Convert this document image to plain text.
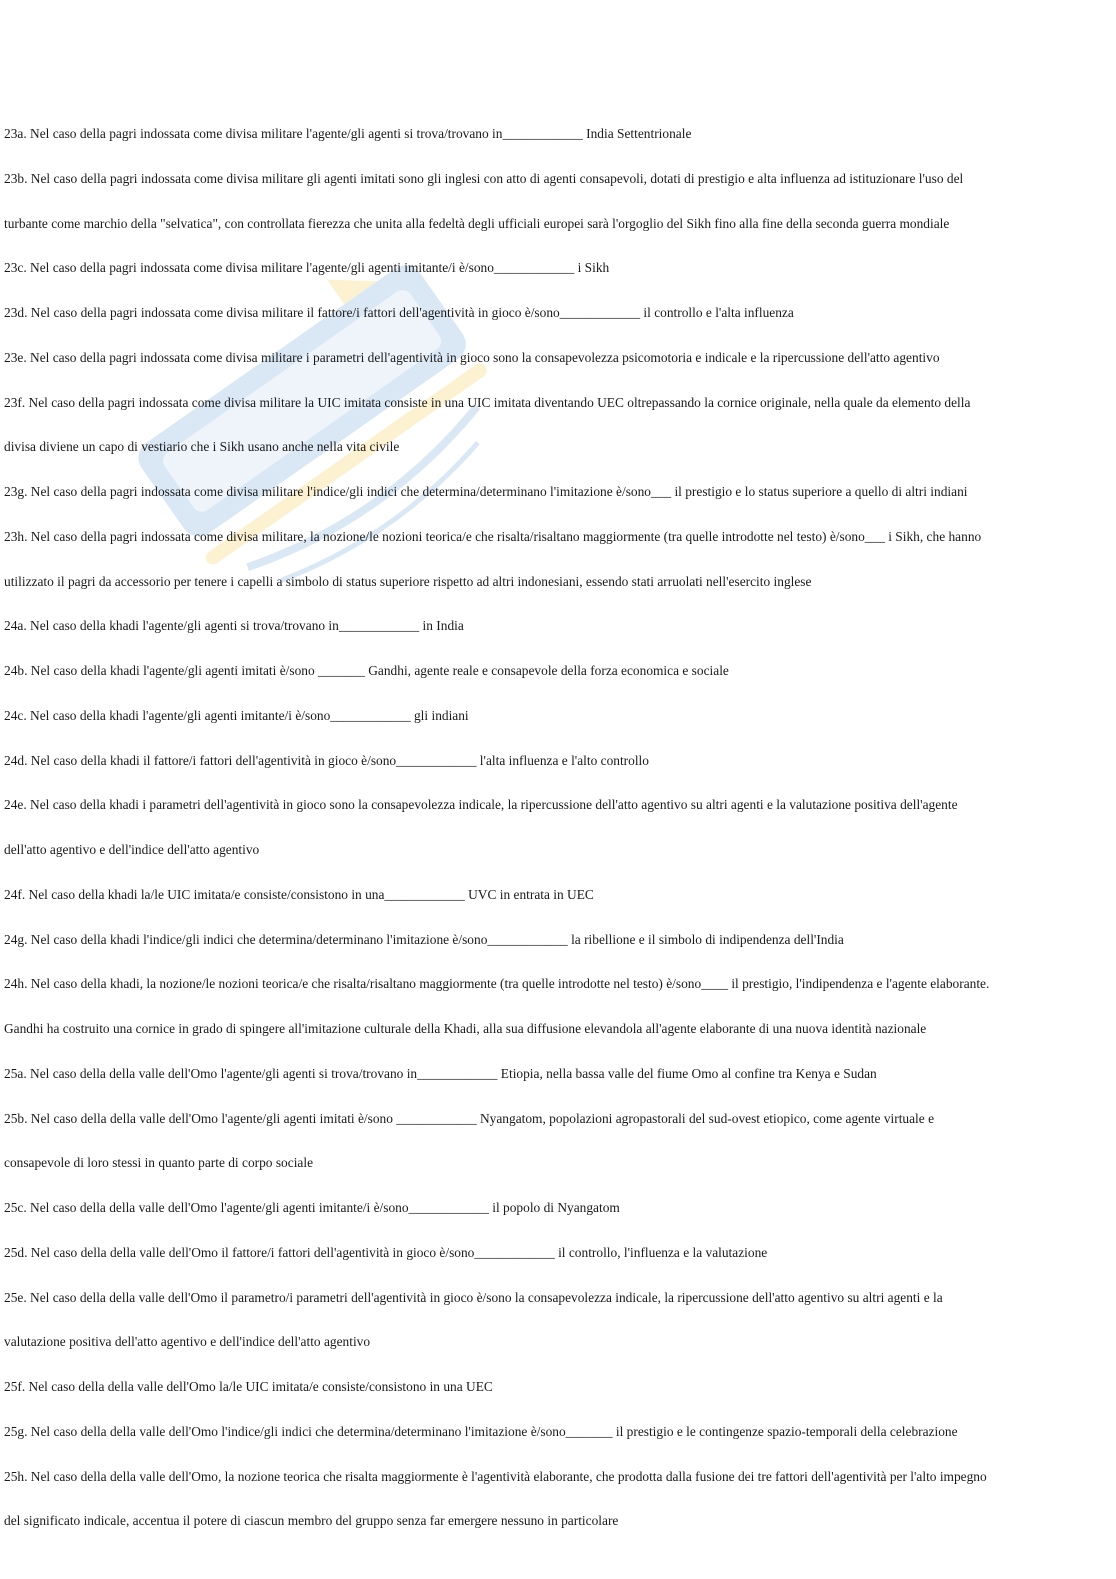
23a. Nel caso della pagri indossata come divisa militare l'agente/gli agenti si trova/trovano in____________ India Settentrionale
23b. Nel caso della pagri indossata come divisa militare gli agenti imitati sono gli inglesi con atto di agenti consapevoli, dotati di prestigio e alta influenza ad istituzionare l'uso del
turbante come marchio della "selvatica", con controllata fierezza che unita alla fedeltà degli ufficiali europei sarà l'orgoglio del Sikh fino alla fine della seconda guerra mondiale
23c. Nel caso della pagri indossata come divisa militare l'agente/gli agenti imitante/i è/sono____________ i Sikh
23d. Nel caso della pagri indossata come divisa militare il fattore/i fattori dell'agentività in gioco è/sono____________ il controllo e l'alta influenza
23e. Nel caso della pagri indossata come divisa militare i parametri dell'agentività in gioco sono la consapevolezza psicomotoria e indicale e la ripercussione dell'atto agentivo
23f. Nel caso della pagri indossata come divisa militare la UIC imitata consiste in una UIC imitata diventando UEC oltrepassando la cornice originale, nella quale da elemento della
divisa diviene un capo di vestiario che i Sikh usano anche nella vita civile
23g. Nel caso della pagri indossata come divisa militare l'indice/gli indici che determina/determinano l'imitazione è/sono___ il prestigio e lo status superiore a quello di altri indiani
23h. Nel caso della pagri indossata come divisa militare, la nozione/le nozioni teorica/e che risalta/risaltano maggiormente (tra quelle introdotte nel testo) è/sono___ i Sikh, che hanno
utilizzato il pagri da accessorio per tenere i capelli a simbolo di status superiore rispetto ad altri indonesiani, essendo stati arruolati nell'esercito inglese
24a. Nel caso della khadi l'agente/gli agenti si trova/trovano in____________ in India
24b. Nel caso della khadi l'agente/gli agenti imitati è/sono _______ Gandhi, agente reale e consapevole della forza economica e sociale
24c. Nel caso della khadi l'agente/gli agenti imitante/i è/sono____________ gli indiani
24d. Nel caso della khadi il fattore/i fattori dell'agentività in gioco è/sono____________ l'alta influenza e l'alto controllo
24e. Nel caso della khadi i parametri dell'agentività in gioco sono la consapevolezza indicale, la ripercussione dell'atto agentivo su altri agenti e la valutazione positiva dell'agente
dell'atto agentivo e dell'indice dell'atto agentivo
24f. Nel caso della khadi la/le UIC imitata/e consiste/consistono in una____________ UVC in entrata in UEC
24g. Nel caso della khadi l'indice/gli indici che determina/determinano l'imitazione è/sono____________ la ribellione e il simbolo di indipendenza dell'India
24h. Nel caso della khadi, la nozione/le nozioni teorica/e che risalta/risaltano maggiormente (tra quelle introdotte nel testo) è/sono____ il prestigio, l'indipendenza e l'agente elaborante.
Gandhi ha costruito una cornice in grado di spingere all'imitazione culturale della Khadi, alla sua diffusione elevandola all'agente elaborante di una nuova identità nazionale
25a. Nel caso della della valle dell'Omo l'agente/gli agenti si trova/trovano in____________ Etiopia, nella bassa valle del fiume Omo al confine tra Kenya e Sudan
25b. Nel caso della della valle dell'Omo l'agente/gli agenti imitati è/sono ____________ Nyangatom, popolazioni agropastorali del sud-ovest etiopico, come agente virtuale e
consapevole di loro stessi in quanto parte di corpo sociale
25c. Nel caso della della valle dell'Omo l'agente/gli agenti imitante/i è/sono____________ il popolo di Nyangatom
25d. Nel caso della della valle dell'Omo il fattore/i fattori dell'agentività in gioco è/sono____________ il controllo, l'influenza e la valutazione
25e. Nel caso della della valle dell'Omo il parametro/i parametri dell'agentività in gioco è/sono la consapevolezza indicale, la ripercussione dell'atto agentivo su altri agenti e la
valutazione positiva dell'atto agentivo e dell'indice dell'atto agentivo
25f. Nel caso della della valle dell'Omo la/le UIC imitata/e consiste/consistono in una UEC
25g. Nel caso della della valle dell'Omo l'indice/gli indici che determina/determinano l'imitazione è/sono_______ il prestigio e le contingenze spazio-temporali della celebrazione
25h. Nel caso della della valle dell'Omo, la nozione teorica che risalta maggiormente è l'agentività elaborante, che prodotta dalla fusione dei tre fattori dell'agentività per l'alto impegno
del significato indicale, accentua il potere di ciascun membro del gruppo senza far emergere nessuno in particolare
